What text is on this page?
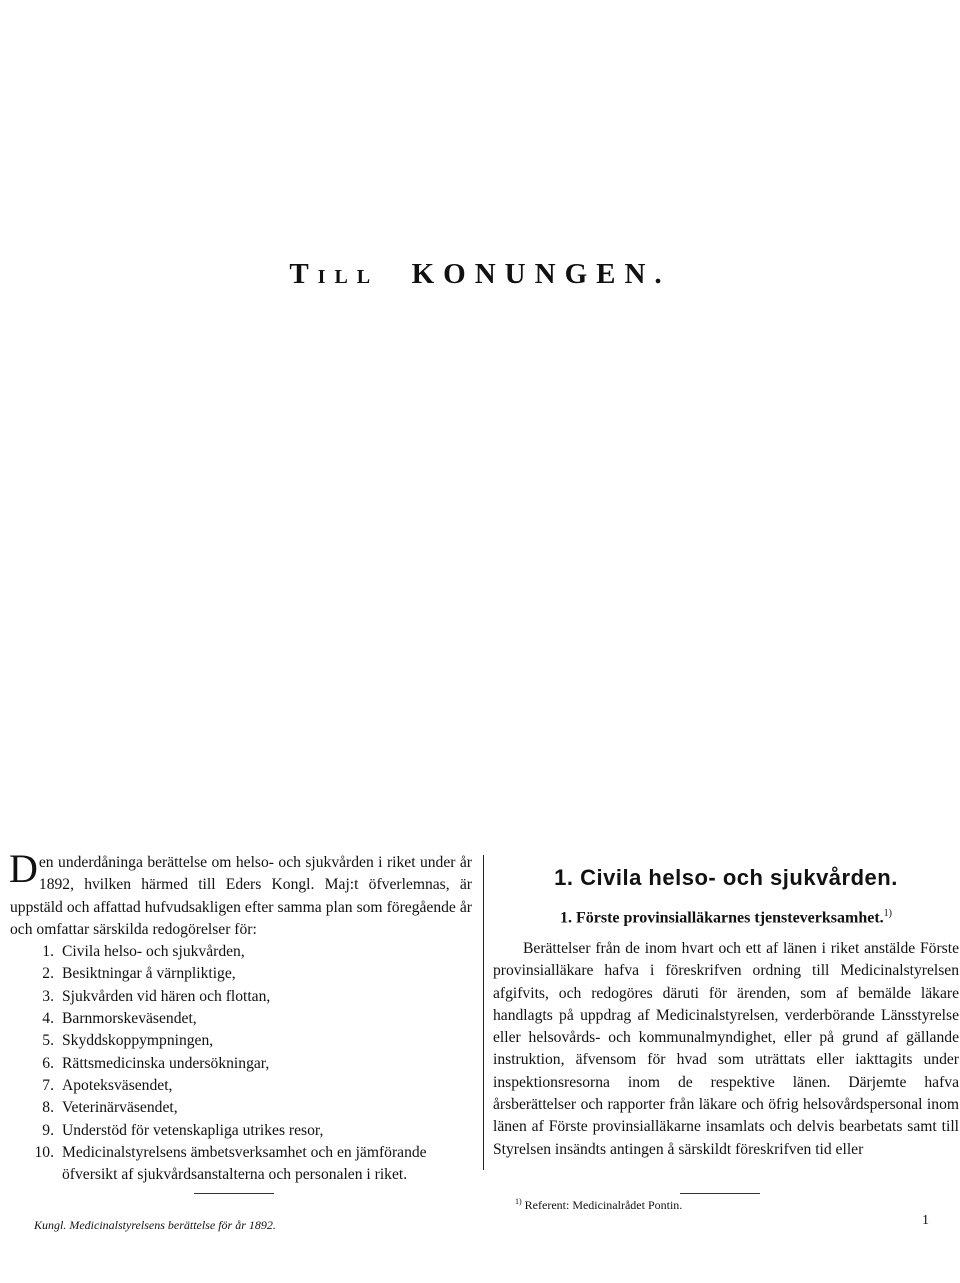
TILL KONUNGEN.

Den underdåninga berättelse om helso- och sjukvården i riket under år 1892, hvilken härmed till Eders Kongl. Maj:t öfverlemnas, är uppstäld och affattad hufvudsakligen efter samma plan som föregående år och omfattar särskilda redogörelser för:

1. Civila helso- och sjukvården,
2. Besiktningar å värnpliktige,
3. Sjukvården vid hären och flottan,
4. Barnmorskeväsendet,
5. Skyddskoppympningen,
6. Rättsmedicinska undersökningar,
7. Apoteksväsendet,
8. Veterinärväsendet,
9. Understöd för vetenskapliga utrikes resor,
10. Medicinalstyrelsens ämbetsverksamhet och en jämförande öfversikt af sjukvårdsanstalterna och personalen i riket.
1. Civila helso- och sjukvården.
1. Förste provinsialläkarnes tjensteverksamhet.$^{1)}$

Berättelser från de inom hvart och ett af länen i riket anstälde Förste provinsialläkare hafva i föreskrifven ordning till Medicinalstyrelsen afgifvits, och redogöres däruti för ärenden, som af bemälde läkare handlagts på uppdrag af Medicinalstyrelsen, verderbörande Länsstyrelse eller helsovårds- och kommunalmyndighet, eller på grund af gällande instruktion, äfvensom för hvad som uträttats eller iakttagits under inspektionsresorna inom de respektive länen. Därjemte hafva årsberättelser och rapporter från läkare och öfrig helsovårdspersonal inom länen af Förste provinsialläkarne insamlats och delvis bearbetats samt till Styrelsen insändts antingen å särskildt föreskrifven tid eller

$^{1)}$ Referent: Medicinalrådet Pontin.
Kungl. Medicinalstyrelsens berättelse för år 1892.	1
